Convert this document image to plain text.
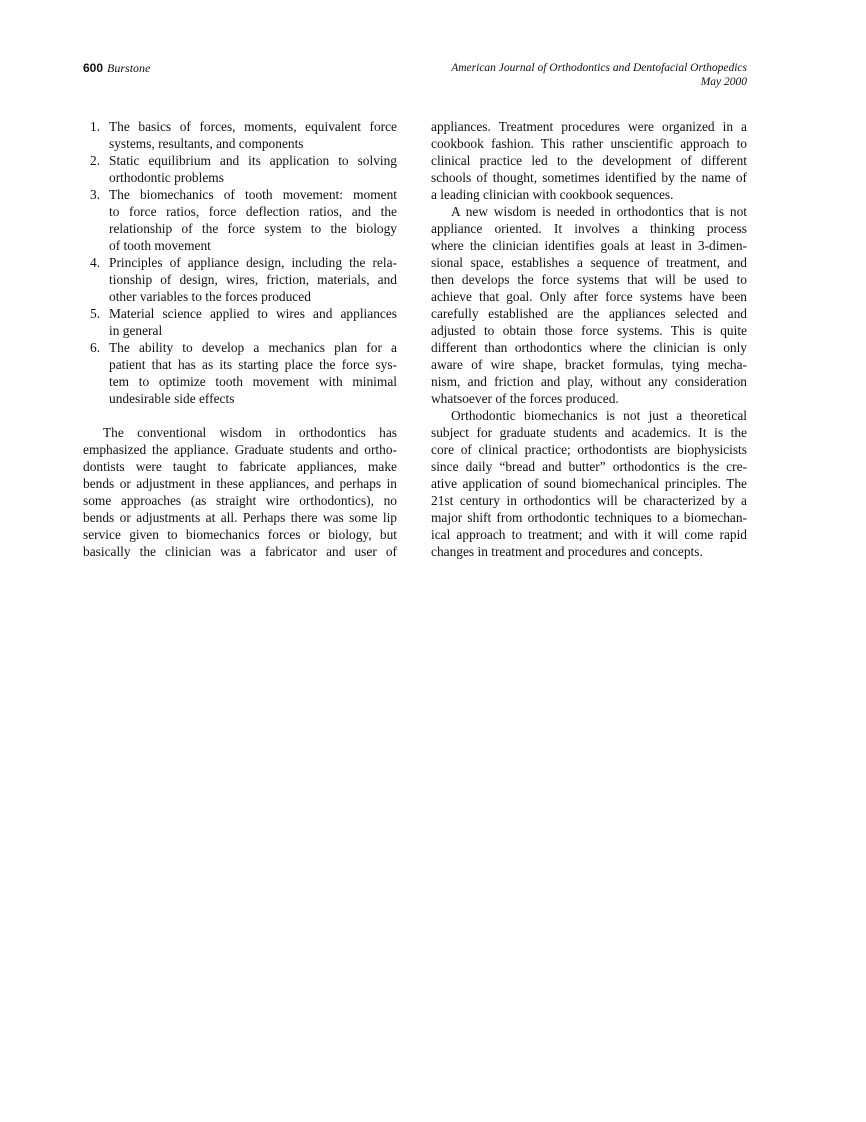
600 Burstone	American Journal of Orthodontics and Dentofacial Orthopedics
May 2000
1. The basics of forces, moments, equivalent force
systems, resultants, and components
2. Static equilibrium and its application to solving
orthodontic problems
3. The biomechanics of tooth movement: moment
to force ratios, force deflection ratios, and the
relationship of the force system to the biology
of tooth movement
4. Principles of appliance design, including the rela-
tionship of design, wires, friction, materials, and
other variables to the forces produced
5. Material science applied to wires and appliances
in general
6. The ability to develop a mechanics plan for a
patient that has as its starting place the force sys-
tem to optimize tooth movement with minimal
undesirable side effects
The conventional wisdom in orthodontics has
emphasized the appliance. Graduate students and ortho-
dontists were taught to fabricate appliances, make
bends or adjustment in these appliances, and perhaps in
some approaches (as straight wire orthodontics), no
bends or adjustments at all. Perhaps there was some lip
service given to biomechanics forces or biology, but
basically the clinician was a fabricator and user of
appliances. Treatment procedures were organized in a
cookbook fashion. This rather unscientific approach to
clinical practice led to the development of different
schools of thought, sometimes identified by the name of
a leading clinician with cookbook sequences.
A new wisdom is needed in orthodontics that is not
appliance oriented. It involves a thinking process
where the clinician identifies goals at least in 3-dimen-
sional space, establishes a sequence of treatment, and
then develops the force systems that will be used to
achieve that goal. Only after force systems have been
carefully established are the appliances selected and
adjusted to obtain those force systems. This is quite
different than orthodontics where the clinician is only
aware of wire shape, bracket formulas, tying mecha-
nism, and friction and play, without any consideration
whatsoever of the forces produced.
Orthodontic biomechanics is not just a theoretical
subject for graduate students and academics. It is the
core of clinical practice; orthodontists are biophysicists
since daily “bread and butter” orthodontics is the cre-
ative application of sound biomechanical principles. The
21st century in orthodontics will be characterized by a
major shift from orthodontic techniques to a biomechan-
ical approach to treatment; and with it will come rapid
changes in treatment and procedures and concepts.
